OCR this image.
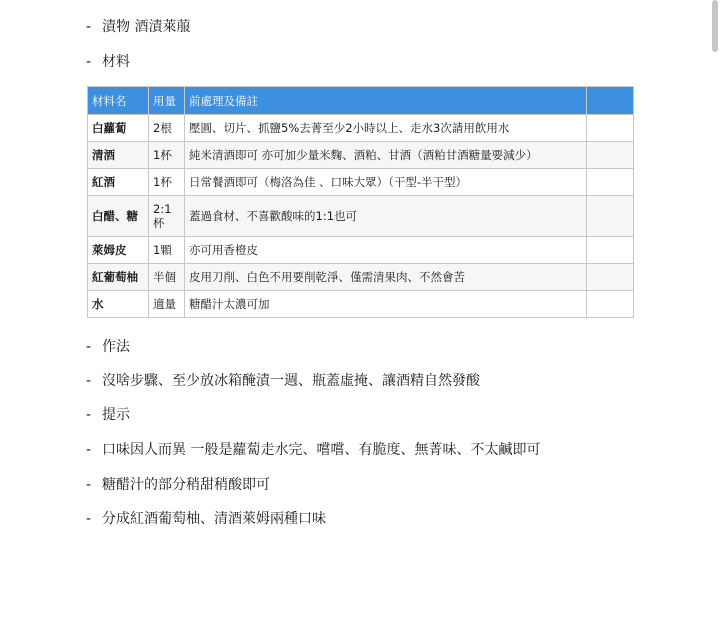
- 漬物 酒漬萊菔
- 材料
材料名	用量	前處理及備註	
白蘿蔔	2根	壓圓、切片、抓鹽5%去菁至少2小時以上、走水3次請用飲用水	
清酒	1杯	純米清酒即可 亦可加少量米麴、酒粕、甘酒（酒粕甘酒糖量要減少）	
紅酒	1杯	日常餐酒即可（梅洛為佳 、口味大眾）（干型-半干型）	
白醋、糖	2:1杯	蓋過食材、不喜歡酸味的1:1也可	
萊姆皮	1顆	亦可用香橙皮	
紅葡萄柚	半個	皮用刀削、白色不用要削乾淨、僅需清果肉、不然會苦	
水	適量	糖醋汁太濃可加	
- 作法
- 沒啥步驟、至少放冰箱醃漬一週、瓶蓋虛掩、讓酒精自然發酸
- 提示
- 口味因人而異 一般是蘿蔔走水完、嚐嚐、有脆度、無菁味、不太鹹即可
- 糖醋汁的部分稍甜稍酸即可
- 分成紅酒葡萄柚、清酒萊姆兩種口味
